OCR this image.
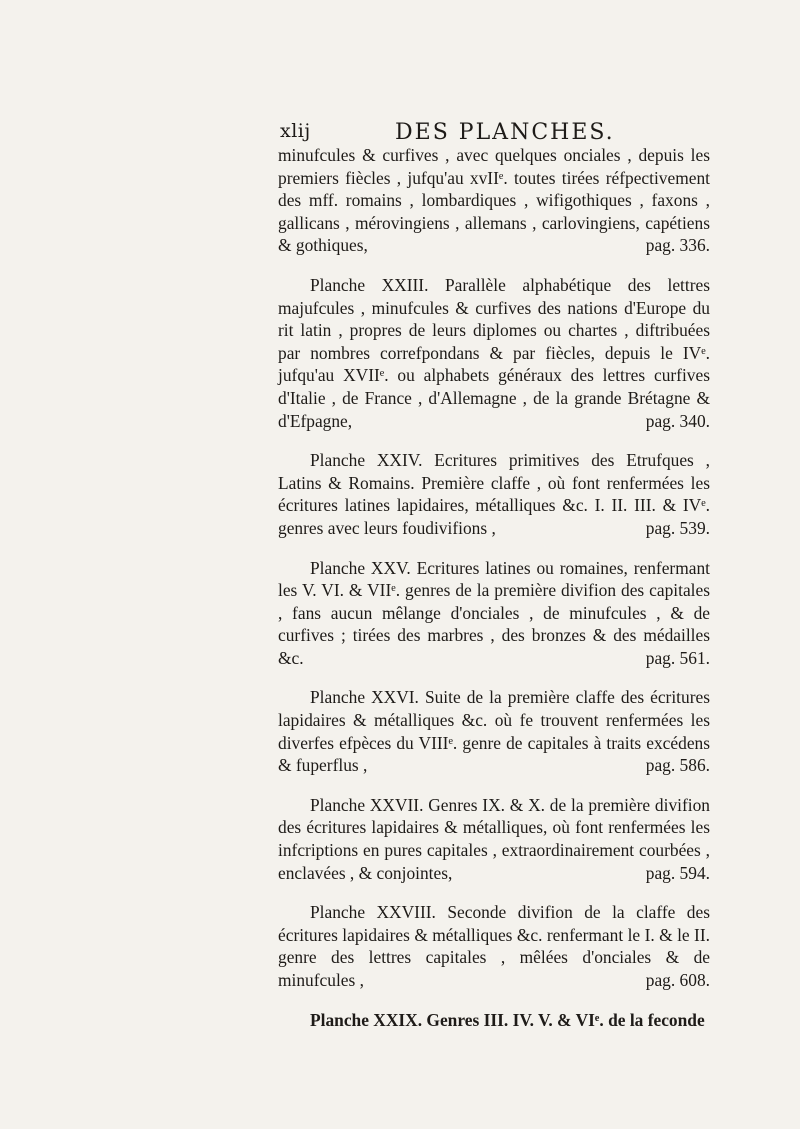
xlij	DES PLANCHES.

minufcules & curfives , avec quelques onciales , depuis les premiers fiècles , jufqu'au xvIIᵉ. toutes tirées réfpectivement des mff. romains , lombardiques , wifigothiques , faxons , gallicans , mérovingiens , allemans , carlovingiens, capétiens & gothiques,	pag. 336.

Planche XXIII. Parallèle alphabétique des lettres majufcules , minufcules & curfives des nations d'Europe du rit latin , propres de leurs diplomes ou chartes , diftribuées par nombres correfpondans & par fiècles, depuis le IVᵉ. jufqu'au XVIIᵉ. ou alphabets généraux des lettres curfives d'Italie , de France , d'Allemagne , de la grande Brétagne & d'Efpagne,	pag. 340.

Planche XXIV. Ecritures primitives des Etrufques , Latins & Romains. Première claffe , où font renfermées les écritures latines lapidaires, métalliques &c. I. II. III. & IVᵉ. genres avec leurs foudivifions ,	pag. 539.

Planche XXV. Ecritures latines ou romaines, renfermant les V. VI. & VIIᵉ. genres de la première divifion des capitales , fans aucun mêlange d'onciales , de minufcules , & de curfives ; tirées des marbres , des bronzes & des médailles &c.	pag. 561.

Planche XXVI. Suite de la première claffe des écritures lapidaires & métalliques &c. où fe trouvent renfermées les diverfes efpèces du VIIIᵉ. genre de capitales à traits excédens & fuperflus ,	pag. 586.

Planche XXVII. Genres IX. & X. de la première divifion des écritures lapidaires & métalliques, où font renfermées les infcriptions en pures capitales , extraordinairement courbées , enclavées , & conjointes,	pag. 594.

Planche XXVIII. Seconde divifion de la claffe des écritures lapidaires & métalliques &c. renfermant le I. & le II. genre des lettres capitales , mêlées d'onciales & de minufcules ,	pag. 608.

Planche XXIX. Genres III. IV. V. & VIᵉ. de la feconde
